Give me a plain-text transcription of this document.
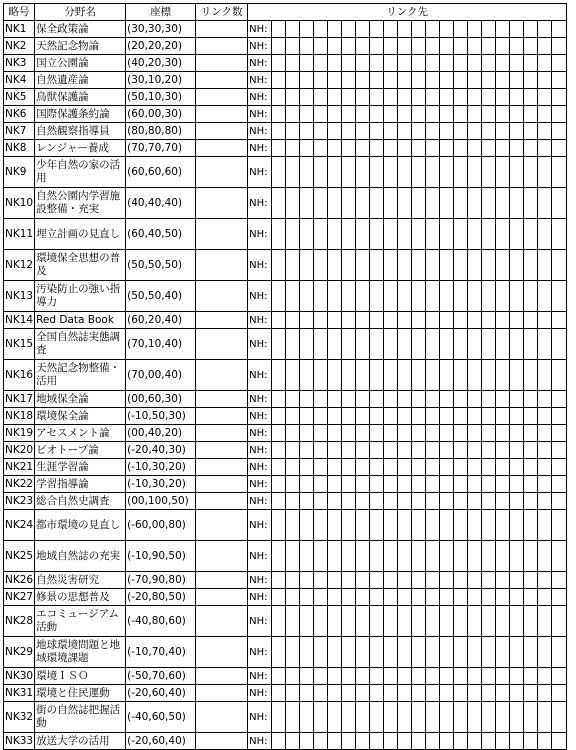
略号	分野名	座標	リンク数	リンク先																					
NK1	保全政策論	(30,30,30)		NH:																					
NK2	天然記念物論	(20,20,20)		NH:																					
NK3	国立公園論	(40,20,30)		NH:																					
NK4	自然遺産論	(30,10,20)		NH:																					
NK5	鳥獣保護論	(50,10,30)		NH:																					
NK6	国際保護条約論	(60,00,30)		NH:																					
NK7	自然観察指導員	(80,80,80)		NH:																					
NK8	レンジャー養成	(70,70,70)		NH:																					
NK9	少年自然の家の活用	(60,60,60)		NH:																					
NK10	自然公園内学習施設整備・充実	(40,40,40)		NH:																					
NK11	埋立計画の見直し	(60,40,50)		NH:																					
NK12	環境保全思想の普及	(50,50,50)		NH:																					
NK13	汚染防止の強い指導力	(50,50,40)		NH:																					
NK14	Red Data Book	(60,20,40)		NH:																					
NK15	全国自然誌実態調査	(70,10,40)		NH:																					
NK16	天然記念物整備・活用	(70,00,40)		NH:																					
NK17	地域保全論	(00,60,30)		NH:																					
NK18	環境保全論	(-10,50,30)		NH:																					
NK19	アセスメント論	(00,40,20)		NH:																					
NK20	ビオトープ論	(-20,40,30)		NH:																					
NK21	生涯学習論	(-10,30,20)		NH:																					
NK22	学習指導論	(-10,30,20)		NH:																					
NK23	総合自然史調査	(00,100,50)		NH:																					
NK24	都市環境の見直し	(-60,00,80)		NH:																					
NK25	地域自然誌の充実	(-10,90,50)		NH:																					
NK26	自然災害研究	(-70,90,80)		NH:																					
NK27	修景の思想普及	(-20,80,50)		NH:																					
NK28	エコミュージアム活動	(-40,80,60)		NH:																					
NK29	地球環境問題と地域環境課題	(-10,70,40)		NH:																					
NK30	環境ＩＳＯ	(-50,70,60)		NH:																					
NK31	環境と住民運動	(-20,60,40)		NH:																					
NK32	街の自然誌把握活動	(-40,60,50)		NH:																					
NK33	放送大学の活用	(-20,60,40)		NH:																					
